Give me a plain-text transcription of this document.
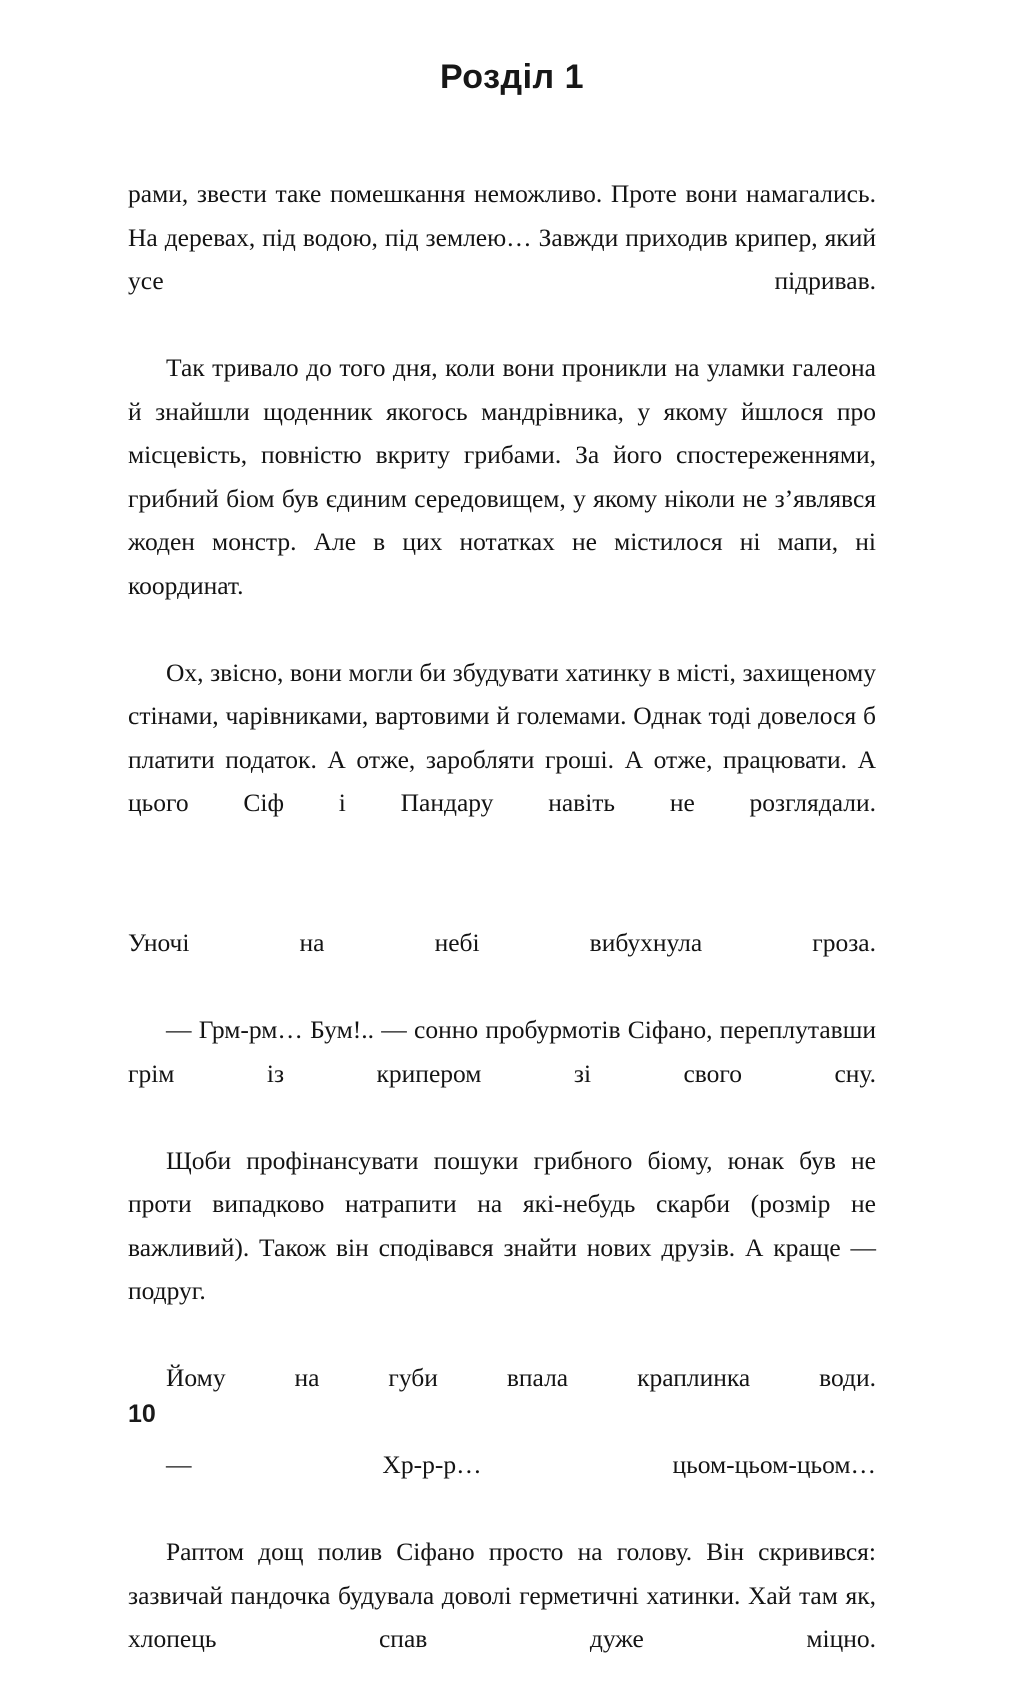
Розділ 1

рами, звести таке помешкання неможливо. Проте вони намагались. На деревах, під водою, під землею… Завжди приходив крипер, який усе підривав.

Так тривало до того дня, коли вони проникли на уламки галеона й знайшли щоденник якогось мандрівника, у якому йшлося про місцевість, повністю вкриту грибами. За його спостереженнями, грибний біом був єдиним середовищем, у якому ніколи не з’являвся жоден монстр. Але в цих нотатках не містилося ні мапи, ні координат.

Ох, звісно, вони могли би збудувати хатинку в місті, захищеному стінами, чарівниками, вартовими й големами. Однак тоді довелося б платити податок. А отже, заробляти гроші. А отже, працювати. А цього Сіф і Пандару навіть не розглядали.

Уночі на небі вибухнула гроза.

— Грм-рм… Бум!.. — сонно пробурмотів Сіфано, переплутавши грім із крипером зі свого сну.

Щоби профінансувати пошуки грибного біому, юнак був не проти випадково натрапити на які-небудь скарби (розмір не важливий). Також він сподівався знайти нових друзів. А краще — подруг.

Йому на губи впала краплинка води.

— Хр-р-р… цьом-цьом-цьом…

Раптом дощ полив Сіфано просто на голову. Він скривився: зазвичай пандочка будувала доволі герметичні хатинки. Хай там як, хлопець спав дуже міцно.

10
